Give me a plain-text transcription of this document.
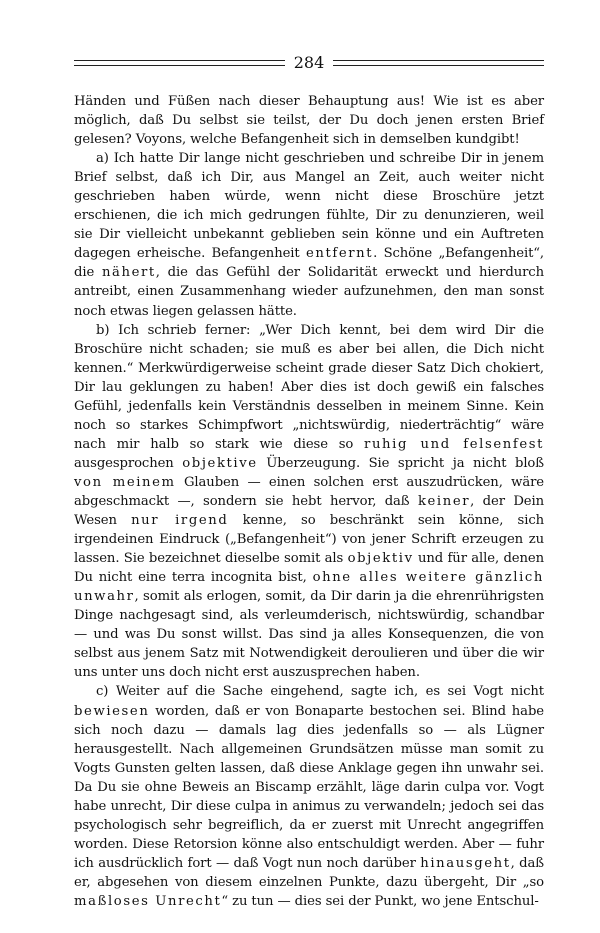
284

Händen und Füßen nach dieser Behauptung aus! Wie ist es aber möglich, daß Du selbst sie teilst, der Du doch jenen ersten Brief gelesen? Voyons, welche Befangenheit sich in demselben kundgibt!

a) Ich hatte Dir lange nicht geschrieben und schreibe Dir in jenem Brief selbst, daß ich Dir, aus Mangel an Zeit, auch weiter nicht geschrieben haben würde, wenn nicht diese Broschüre jetzt erschienen, die ich mich gedrungen fühlte, Dir zu denunzieren, weil sie Dir vielleicht unbekannt geblieben sein könne und ein Auftreten dagegen erheische. Befangenheit entfernt. Schöne „Befangenheit“, die nähert, die das Gefühl der Solidarität erweckt und hierdurch antreibt, einen Zusammenhang wieder aufzunehmen, den man sonst noch etwas liegen gelassen hätte.

b) Ich schrieb ferner: „Wer Dich kennt, bei dem wird Dir die Broschüre nicht schaden; sie muß es aber bei allen, die Dich nicht kennen.“ Merkwürdigerweise scheint grade dieser Satz Dich chokiert, Dir lau geklungen zu haben! Aber dies ist doch gewiß ein falsches Gefühl, jedenfalls kein Verständnis desselben in meinem Sinne. Kein noch so starkes Schimpfwort „nichtswürdig, niederträchtig“ wäre nach mir halb so stark wie diese so ruhig und felsenfest ausgesprochen objektive Überzeugung. Sie spricht ja nicht bloß von meinem Glauben — einen solchen erst auszudrücken, wäre abgeschmackt —, sondern sie hebt hervor, daß keiner, der Dein Wesen nur irgend kenne, so beschränkt sein könne, sich irgendeinen Eindruck („Befangenheit“) von jener Schrift erzeugen zu lassen. Sie bezeichnet dieselbe somit als objektiv und für alle, denen Du nicht eine terra incognita bist, ohne alles weitere gänzlich unwahr, somit als erlogen, somit, da Dir darin ja die ehrenrührigsten Dinge nachgesagt sind, als verleumderisch, nichtswürdig, schandbar — und was Du sonst willst. Das sind ja alles Konsequenzen, die von selbst aus jenem Satz mit Notwendigkeit deroulieren und über die wir uns unter uns doch nicht erst auszusprechen haben.

c) Weiter auf die Sache eingehend, sagte ich, es sei Vogt nicht bewiesen worden, daß er von Bonaparte bestochen sei. Blind habe sich noch dazu — damals lag dies jedenfalls so — als Lügner herausgestellt. Nach allgemeinen Grundsätzen müsse man somit zu Vogts Gunsten gelten lassen, daß diese Anklage gegen ihn unwahr sei. Da Du sie ohne Beweis an Biscamp erzählt, läge darin culpa vor. Vogt habe unrecht, Dir diese culpa in animus zu verwandeln; jedoch sei das psychologisch sehr begreiflich, da er zuerst mit Unrecht angegriffen worden. Diese Retorsion könne also entschuldigt werden. Aber — fuhr ich ausdrücklich fort — daß Vogt nun noch darüber hinausgeht, daß er, abgesehen von diesem einzelnen Punkte, dazu übergeht, Dir „so maßloses Unrecht“ zu tun — dies sei der Punkt, wo jene Entschul-
